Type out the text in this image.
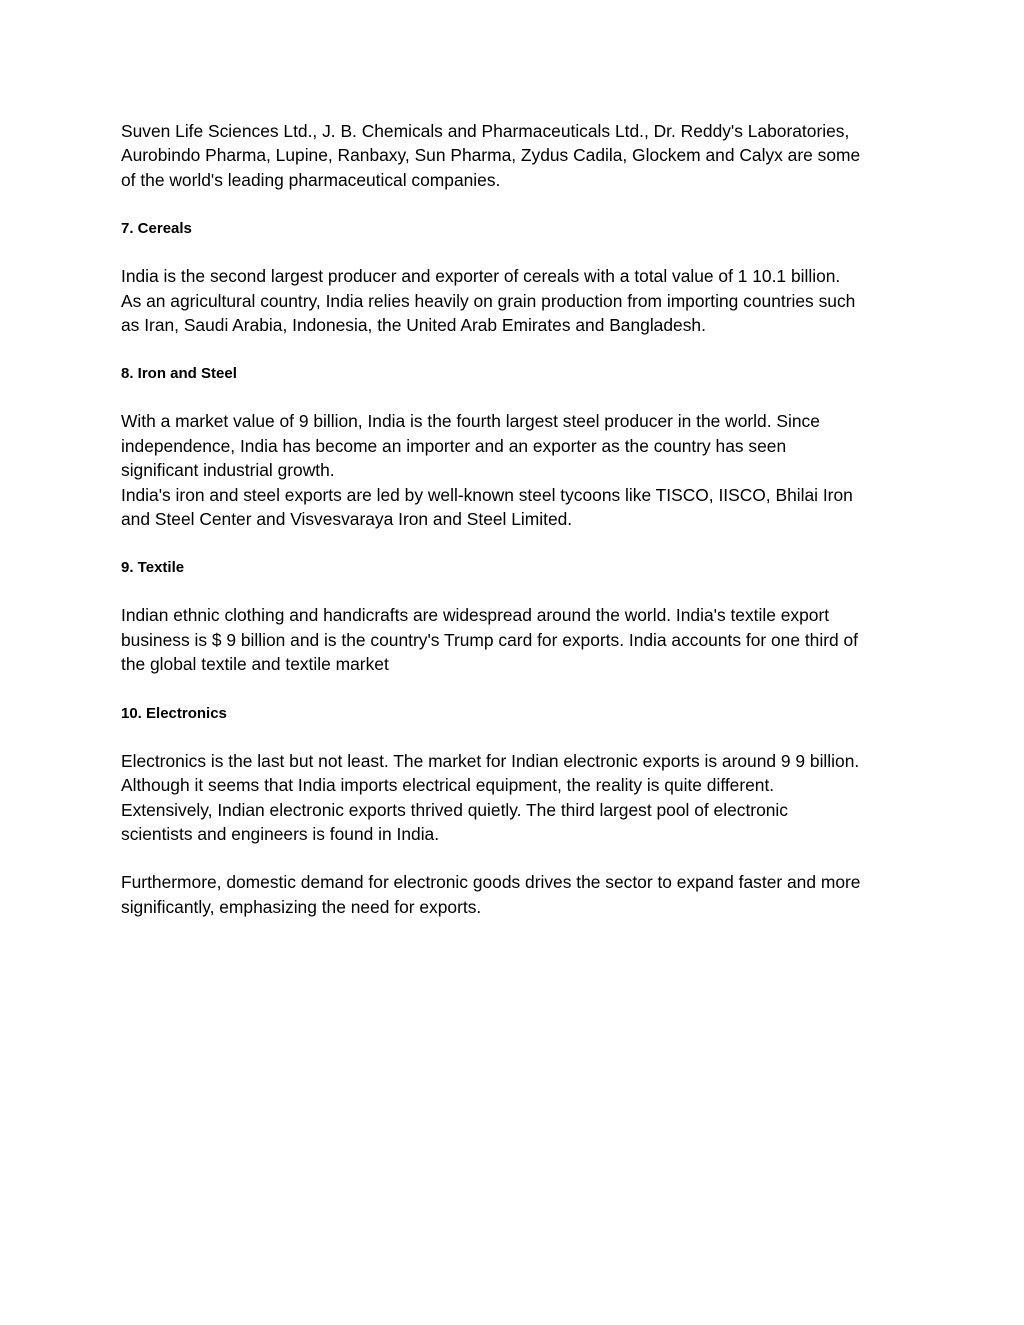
Suven Life Sciences Ltd., J. B. Chemicals and Pharmaceuticals Ltd., Dr. Reddy's Laboratories,
Aurobindo Pharma, Lupine, Ranbaxy, Sun Pharma, Zydus Cadila, Glockem and Calyx are some
of the world's leading pharmaceutical companies.

7. Cereals

India is the second largest producer and exporter of cereals with a total value of 1 10.1 billion.
As an agricultural country, India relies heavily on grain production from importing countries such
as Iran, Saudi Arabia, Indonesia, the United Arab Emirates and Bangladesh.

8. Iron and Steel

With a market value of 9 billion, India is the fourth largest steel producer in the world. Since
independence, India has become an importer and an exporter as the country has seen
significant industrial growth.
India's iron and steel exports are led by well-known steel tycoons like TISCO, IISCO, Bhilai Iron
and Steel Center and Visvesvaraya Iron and Steel Limited.

9. Textile

Indian ethnic clothing and handicrafts are widespread around the world. India's textile export
business is $ 9 billion and is the country's Trump card for exports. India accounts for one third of
the global textile and textile market

10. Electronics

Electronics is the last but not least. The market for Indian electronic exports is around 9 9 billion.
Although it seems that India imports electrical equipment, the reality is quite different.
Extensively, Indian electronic exports thrived quietly. The third largest pool of electronic
scientists and engineers is found in India.

Furthermore, domestic demand for electronic goods drives the sector to expand faster and more
significantly, emphasizing the need for exports.
